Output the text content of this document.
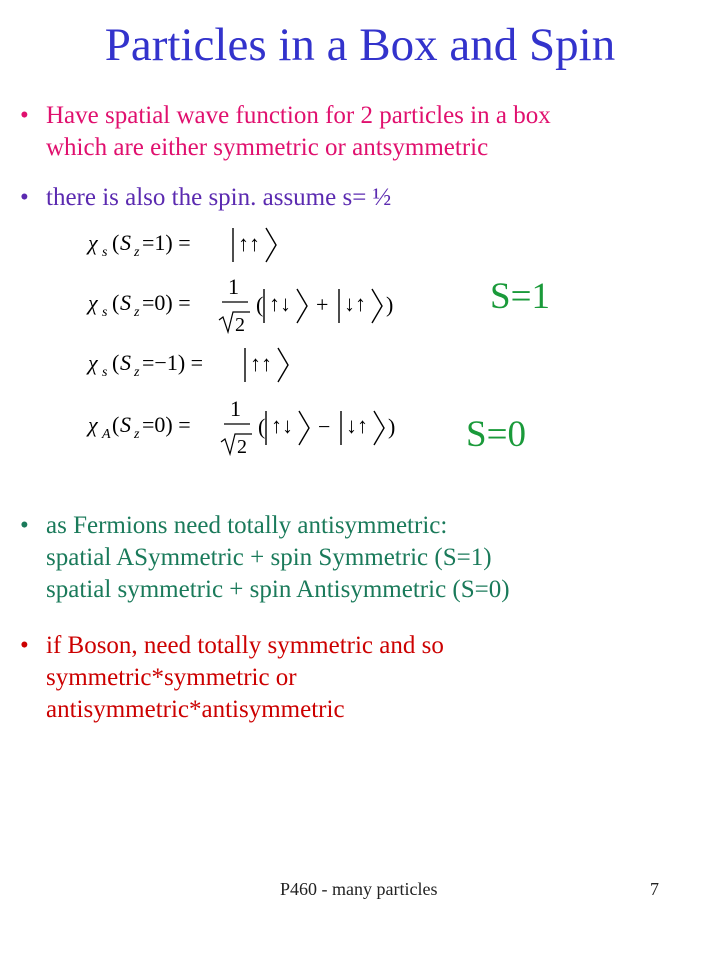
Particles in a Box and Spin
• Have spatial wave function for 2 particles in a box
which are either symmetric or antsymmetric
• there is also the spin. assume s= ½
χ s ( S z =1) = ↑↑
χ s ( S z =0) =
1
2
( ↑↓ + ↓↑ )
χ s ( S z =−1) = ↑↑
χ A ( S z =0) =
1
2
( ↑↓ − ↓↑ )
S=1
S=0
• as Fermions need totally antisymmetric:
spatial ASymmetric + spin Symmetric (S=1)
spatial symmetric + spin Antisymmetric (S=0)
• if Boson, need totally symmetric and so
symmetric*symmetric or
antisymmetric*antisymmetric
P460 - many particles	7
